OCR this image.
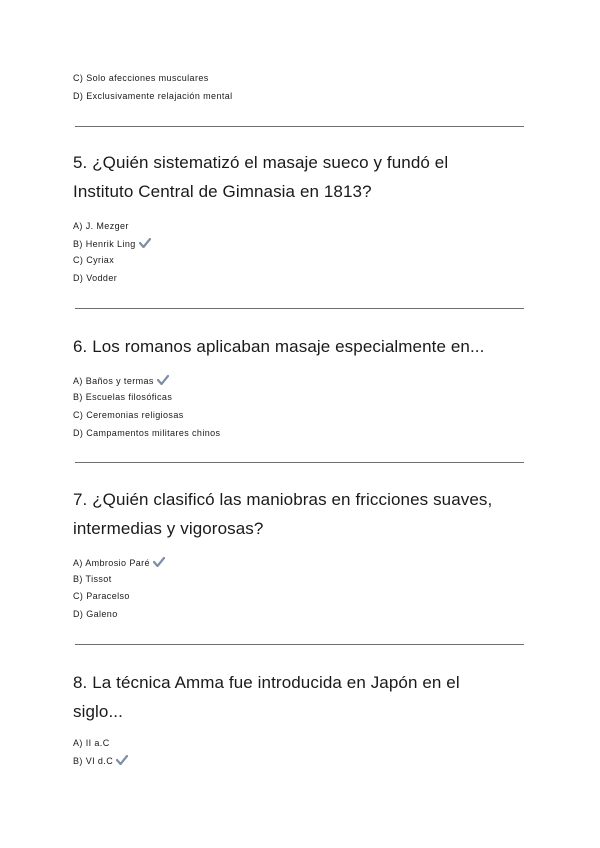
C) Solo afecciones musculares
D) Exclusivamente relajación mental
5. ¿Quién sistematizó el masaje sueco y fundó el
Instituto Central de Gimnasia en 1813?
A) J. Mezger
B) Henrik Ling
C) Cyriax
D) Vodder
6. Los romanos aplicaban masaje especialmente en...
A) Baños y termas
B) Escuelas filosóficas
C) Ceremonias religiosas
D) Campamentos militares chinos
7. ¿Quién clasificó las maniobras en fricciones suaves,
intermedias y vigorosas?
A) Ambrosio Paré
B) Tissot
C) Paracelso
D) Galeno
8. La técnica Amma fue introducida en Japón en el
siglo...
A) II a.C
B) VI d.C
